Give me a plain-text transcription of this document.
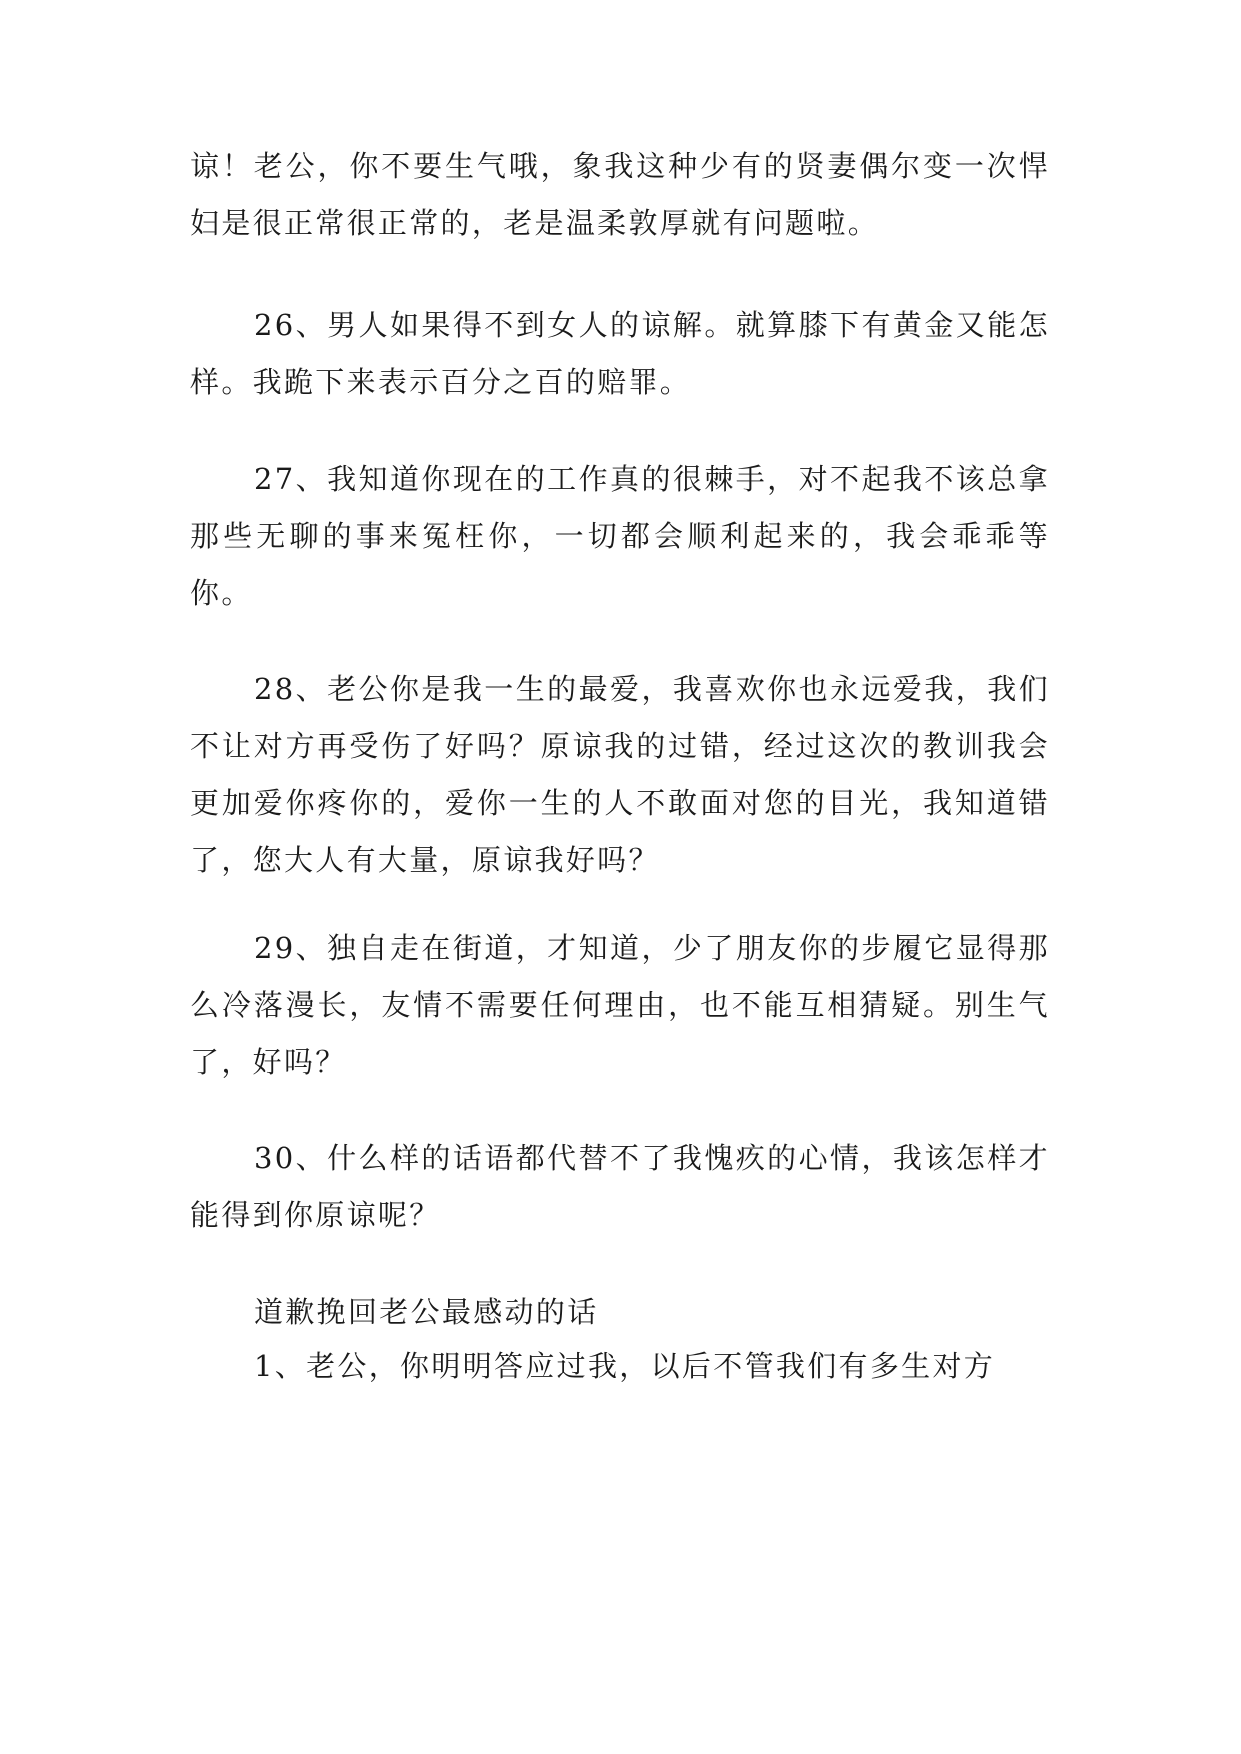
谅！老公，你不要生气哦，象我这种少有的贤妻偶尔变一次悍妇是很正常很正常的，老是温柔敦厚就有问题啦。

26、男人如果得不到女人的谅解。就算膝下有黄金又能怎样。我跪下来表示百分之百的赔罪。

27、我知道你现在的工作真的很棘手，对不起我不该总拿那些无聊的事来冤枉你，一切都会顺利起来的，我会乖乖等你。

28、老公你是我一生的最爱，我喜欢你也永远爱我，我们不让对方再受伤了好吗？原谅我的过错，经过这次的教训我会更加爱你疼你的，爱你一生的人不敢面对您的目光，我知道错了，您大人有大量，原谅我好吗？

29、独自走在街道，才知道，少了朋友你的步履它显得那么冷落漫长，友情不需要任何理由，也不能互相猜疑。别生气了，好吗？

30、什么样的话语都代替不了我愧疚的心情，我该怎样才能得到你原谅呢？

道歉挽回老公最感动的话

1、老公，你明明答应过我，以后不管我们有多生对方
